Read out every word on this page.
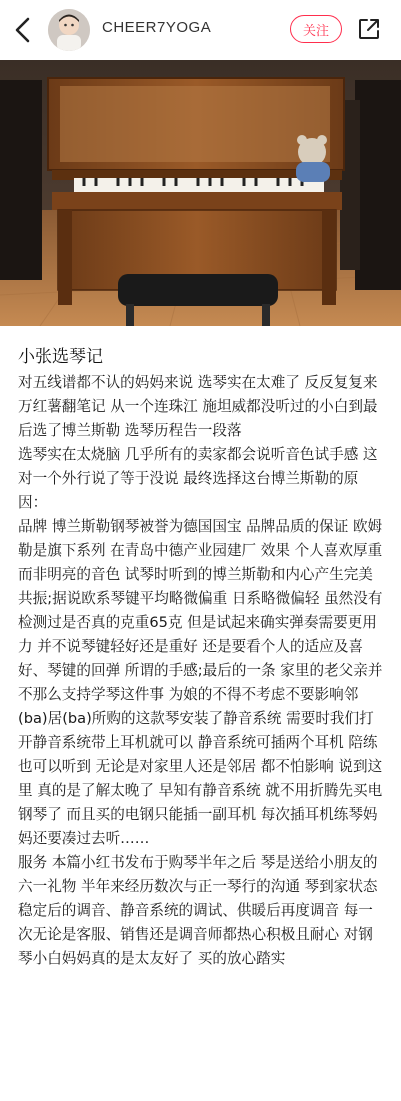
CHEER7YOGA	关注
小张选琴记

对五线谱都不认的妈妈来说 选琴实在太难了 反反复复来万红薯翻笔记 从一个连珠江 施坦威都没听过的小白到最后选了博兰斯勒 选琴历程告一段落

选琴实在太烧脑 几乎所有的卖家都会说听音色试手感 这对一个外行说了等于没说 最终选择这台博兰斯勒的原因：

品牌 博兰斯勒钢琴被誉为德国国宝 品牌品质的保证 欧姆勒是旗下系列 在青岛中德产业园建厂 效果 个人喜欢厚重而非明亮的音色 试琴时听到的博兰斯勒和内心产生完美共振;据说欧系琴键平均略微偏重 日系略微偏轻 虽然没有检测过是否真的克重65克 但是试起来确实弹奏需要更用力 并不说琴键轻好还是重好 还是要看个人的适应及喜好、琴键的回弹 所谓的手感;最后的一条 家里的老父亲并不那么支持学琴这件事 为娘的不得不考虑不要影响邻(ba)居(ba)所购的这款琴安装了静音系统 需要时我们打开静音系统带上耳机就可以 静音系统可插两个耳机 陪练也可以听到 无论是对家里人还是邻居 都不怕影响 说到这里 真的是了解太晚了 早知有静音系统 就不用折腾先买电钢琴了 而且买的电钢只能插一副耳机 每次插耳机练琴妈妈还要凑过去听……

服务 本篇小红书发布于购琴半年之后 琴是送给小朋友的六一礼物 半年来经历数次与正一琴行的沟通 琴到家状态稳定后的调音、静音系统的调试、供暖后再度调音 每一次无论是客服、销售还是调音师都热心积极且耐心 对钢琴小白妈妈真的是太友好了 买的放心踏实
